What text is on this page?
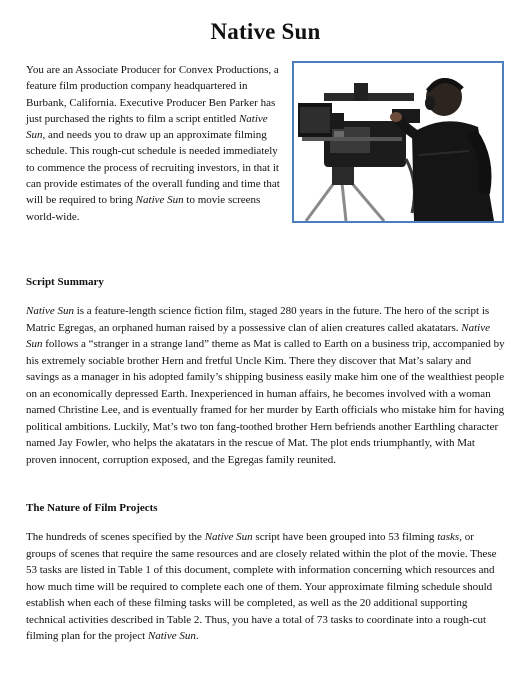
Native Sun

You are an Associate Producer for Convex Productions, a feature film production company headquartered in Burbank, California. Executive Producer Ben Parker has just purchased the rights to film a script entitled Native Sun, and needs you to draw up an approximate filming schedule. This rough-cut schedule is needed immediately to commence the process of recruiting investors, in that it can provide estimates of the overall funding and time that will be required to bring Native Sun to movie screens world-wide.

Script Summary

Native Sun is a feature-length science fiction film, staged 280 years in the future. The hero of the script is Matric Egregas, an orphaned human raised by a possessive clan of alien creatures called akatatars. Native Sun follows a “stranger in a strange land” theme as Mat is called to Earth on a business trip, accompanied by his extremely sociable brother Hern and fretful Uncle Kim. There they discover that Mat’s salary and savings as a manager in his adopted family’s shipping business easily make him one of the wealthiest people on an economically depressed Earth. Inexperienced in human affairs, he becomes involved with a woman named Christine Lee, and is eventually framed for her murder by Earth officials who mistake him for having political ambitions. Luckily, Mat’s two ton fang-toothed brother Hern befriends another Earthling character named Jay Fowler, who helps the akatatars in the rescue of Mat. The plot ends triumphantly, with Mat proven innocent, corruption exposed, and the Egregas family reunited.

The Nature of Film Projects

The hundreds of scenes specified by the Native Sun script have been grouped into 53 filming tasks, or groups of scenes that require the same resources and are closely related within the plot of the movie. These 53 tasks are listed in Table 1 of this document, complete with information concerning which resources and how much time will be required to complete each one of them. Your approximate filming schedule should establish when each of these filming tasks will be completed, as well as the 20 additional supporting technical activities described in Table 2. Thus, you have a total of 73 tasks to coordinate into a rough-cut filming plan for the project Native Sun.
